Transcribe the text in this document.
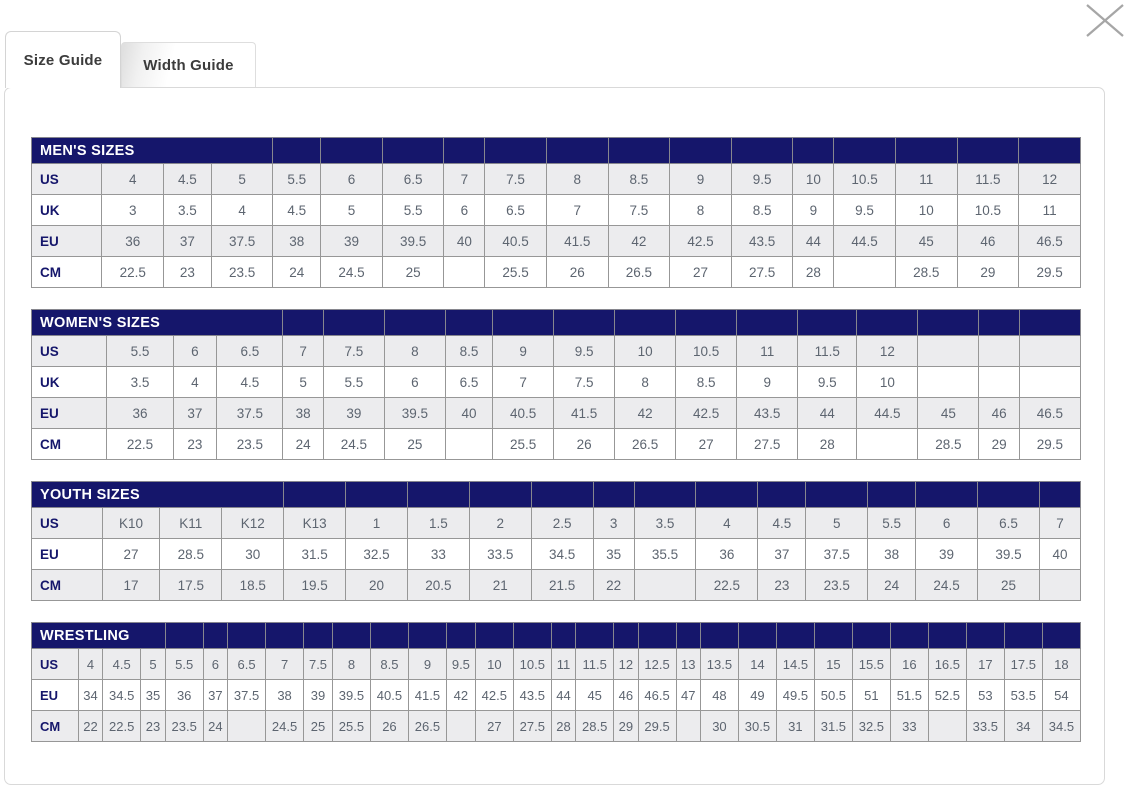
Width Guide
Size Guide
MEN'S SIZES																	
US	4	4.5	5	5.5	6	6.5	7	7.5	8	8.5	9	9.5	10	10.5	11	11.5	12
UK	3	3.5	4	4.5	5	5.5	6	6.5	7	7.5	8	8.5	9	9.5	10	10.5	11
EU	36	37	37.5	38	39	39.5	40	40.5	41.5	42	42.5	43.5	44	44.5	45	46	46.5
CM	22.5	23	23.5	24	24.5	25		25.5	26	26.5	27	27.5	28		28.5	29	29.5
WOMEN'S SIZES																	
US	5.5	6	6.5	7	7.5	8	8.5	9	9.5	10	10.5	11	11.5	12			
UK	3.5	4	4.5	5	5.5	6	6.5	7	7.5	8	8.5	9	9.5	10			
EU	36	37	37.5	38	39	39.5	40	40.5	41.5	42	42.5	43.5	44	44.5	45	46	46.5
CM	22.5	23	23.5	24	24.5	25		25.5	26	26.5	27	27.5	28		28.5	29	29.5
YOUTH SIZES																	
US	K10	K11	K12	K13	1	1.5	2	2.5	3	3.5	4	4.5	5	5.5	6	6.5	7
EU	27	28.5	30	31.5	32.5	33	33.5	34.5	35	35.5	36	37	37.5	38	39	39.5	40
CM	17	17.5	18.5	19.5	20	20.5	21	21.5	22		22.5	23	23.5	24	24.5	25	
WRESTLING																													
US	4	4.5	5	5.5	6	6.5	7	7.5	8	8.5	9	9.5	10	10.5	11	11.5	12	12.5	13	13.5	14	14.5	15	15.5	16	16.5	17	17.5	18
EU	34	34.5	35	36	37	37.5	38	39	39.5	40.5	41.5	42	42.5	43.5	44	45	46	46.5	47	48	49	49.5	50.5	51	51.5	52.5	53	53.5	54
CM	22	22.5	23	23.5	24		24.5	25	25.5	26	26.5		27	27.5	28	28.5	29	29.5		30	30.5	31	31.5	32.5	33		33.5	34	34.5
